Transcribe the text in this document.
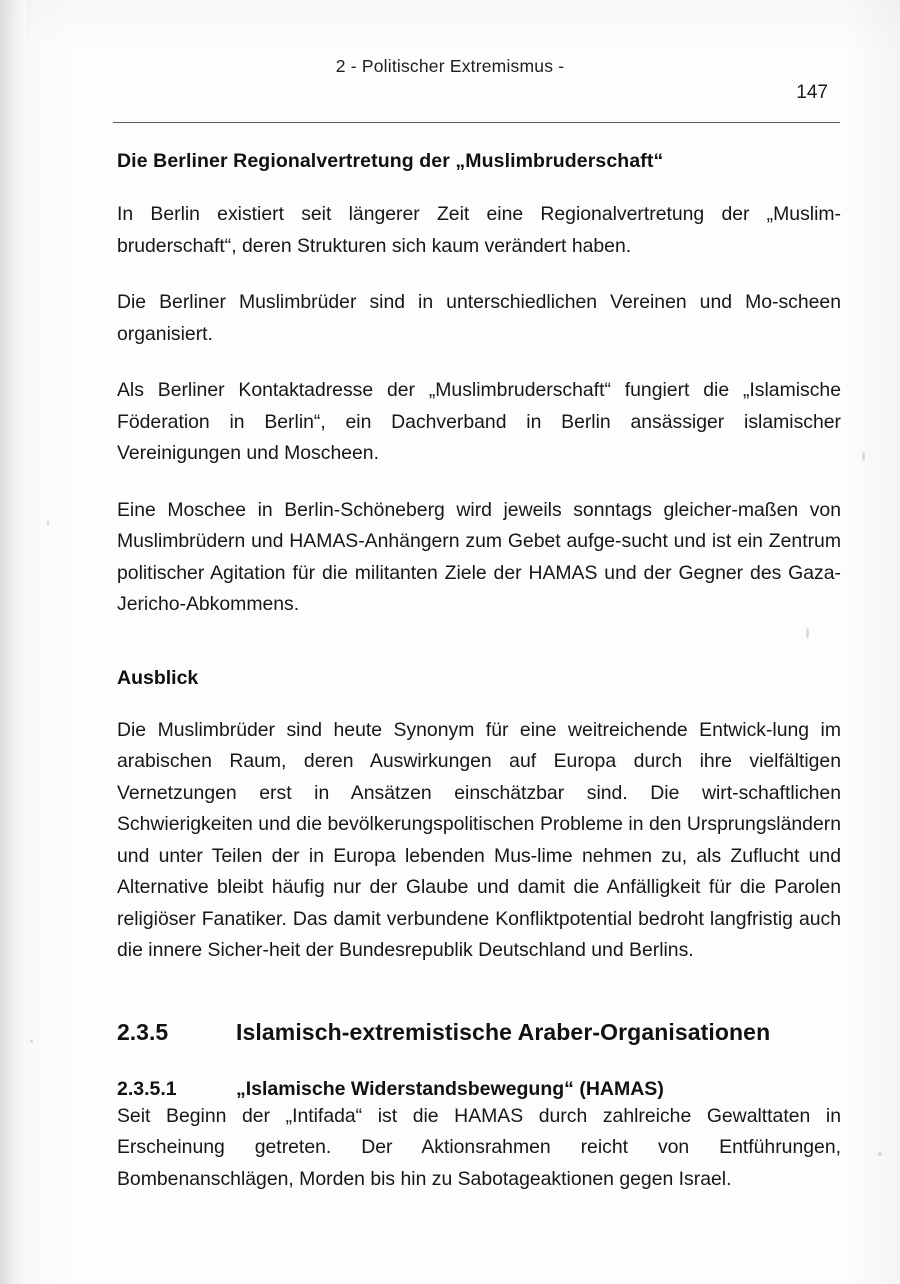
2 - Politischer Extremismus -
147
Die Berliner Regionalvertretung der „Muslimbruderschaft“

In Berlin existiert seit längerer Zeit eine Regionalvertretung der „Muslim-bruderschaft“, deren Strukturen sich kaum verändert haben.

Die Berliner Muslimbrüder sind in unterschiedlichen Vereinen und Mo-scheen organisiert.

Als Berliner Kontaktadresse der „Muslimbruderschaft“ fungiert die „Islamische Föderation in Berlin“, ein Dachverband in Berlin ansässiger islamischer Vereinigungen und Moscheen.

Eine Moschee in Berlin-Schöneberg wird jeweils sonntags gleicher-maßen von Muslimbrüdern und HAMAS-Anhängern zum Gebet aufge-sucht und ist ein Zentrum politischer Agitation für die militanten Ziele der HAMAS und der Gegner des Gaza-Jericho-Abkommens.

Ausblick

Die Muslimbrüder sind heute Synonym für eine weitreichende Entwick-lung im arabischen Raum, deren Auswirkungen auf Europa durch ihre vielfältigen Vernetzungen erst in Ansätzen einschätzbar sind. Die wirt-schaftlichen Schwierigkeiten und die bevölkerungspolitischen Probleme in den Ursprungsländern und unter Teilen der in Europa lebenden Mus-lime nehmen zu, als Zuflucht und Alternative bleibt häufig nur der Glaube und damit die Anfälligkeit für die Parolen religiöser Fanatiker. Das damit verbundene Konfliktpotential bedroht langfristig auch die innere Sicher-heit der Bundesrepublik Deutschland und Berlins.

2.3.5	Islamisch-extremistische Araber-Organisationen
2.3.5.1	„Islamische Widerstandsbewegung“ (HAMAS)

Seit Beginn der „Intifada“ ist die HAMAS durch zahlreiche Gewalttaten in Erscheinung getreten. Der Aktionsrahmen reicht von Entführungen, Bombenanschlägen, Morden bis hin zu Sabotageaktionen gegen Israel.
